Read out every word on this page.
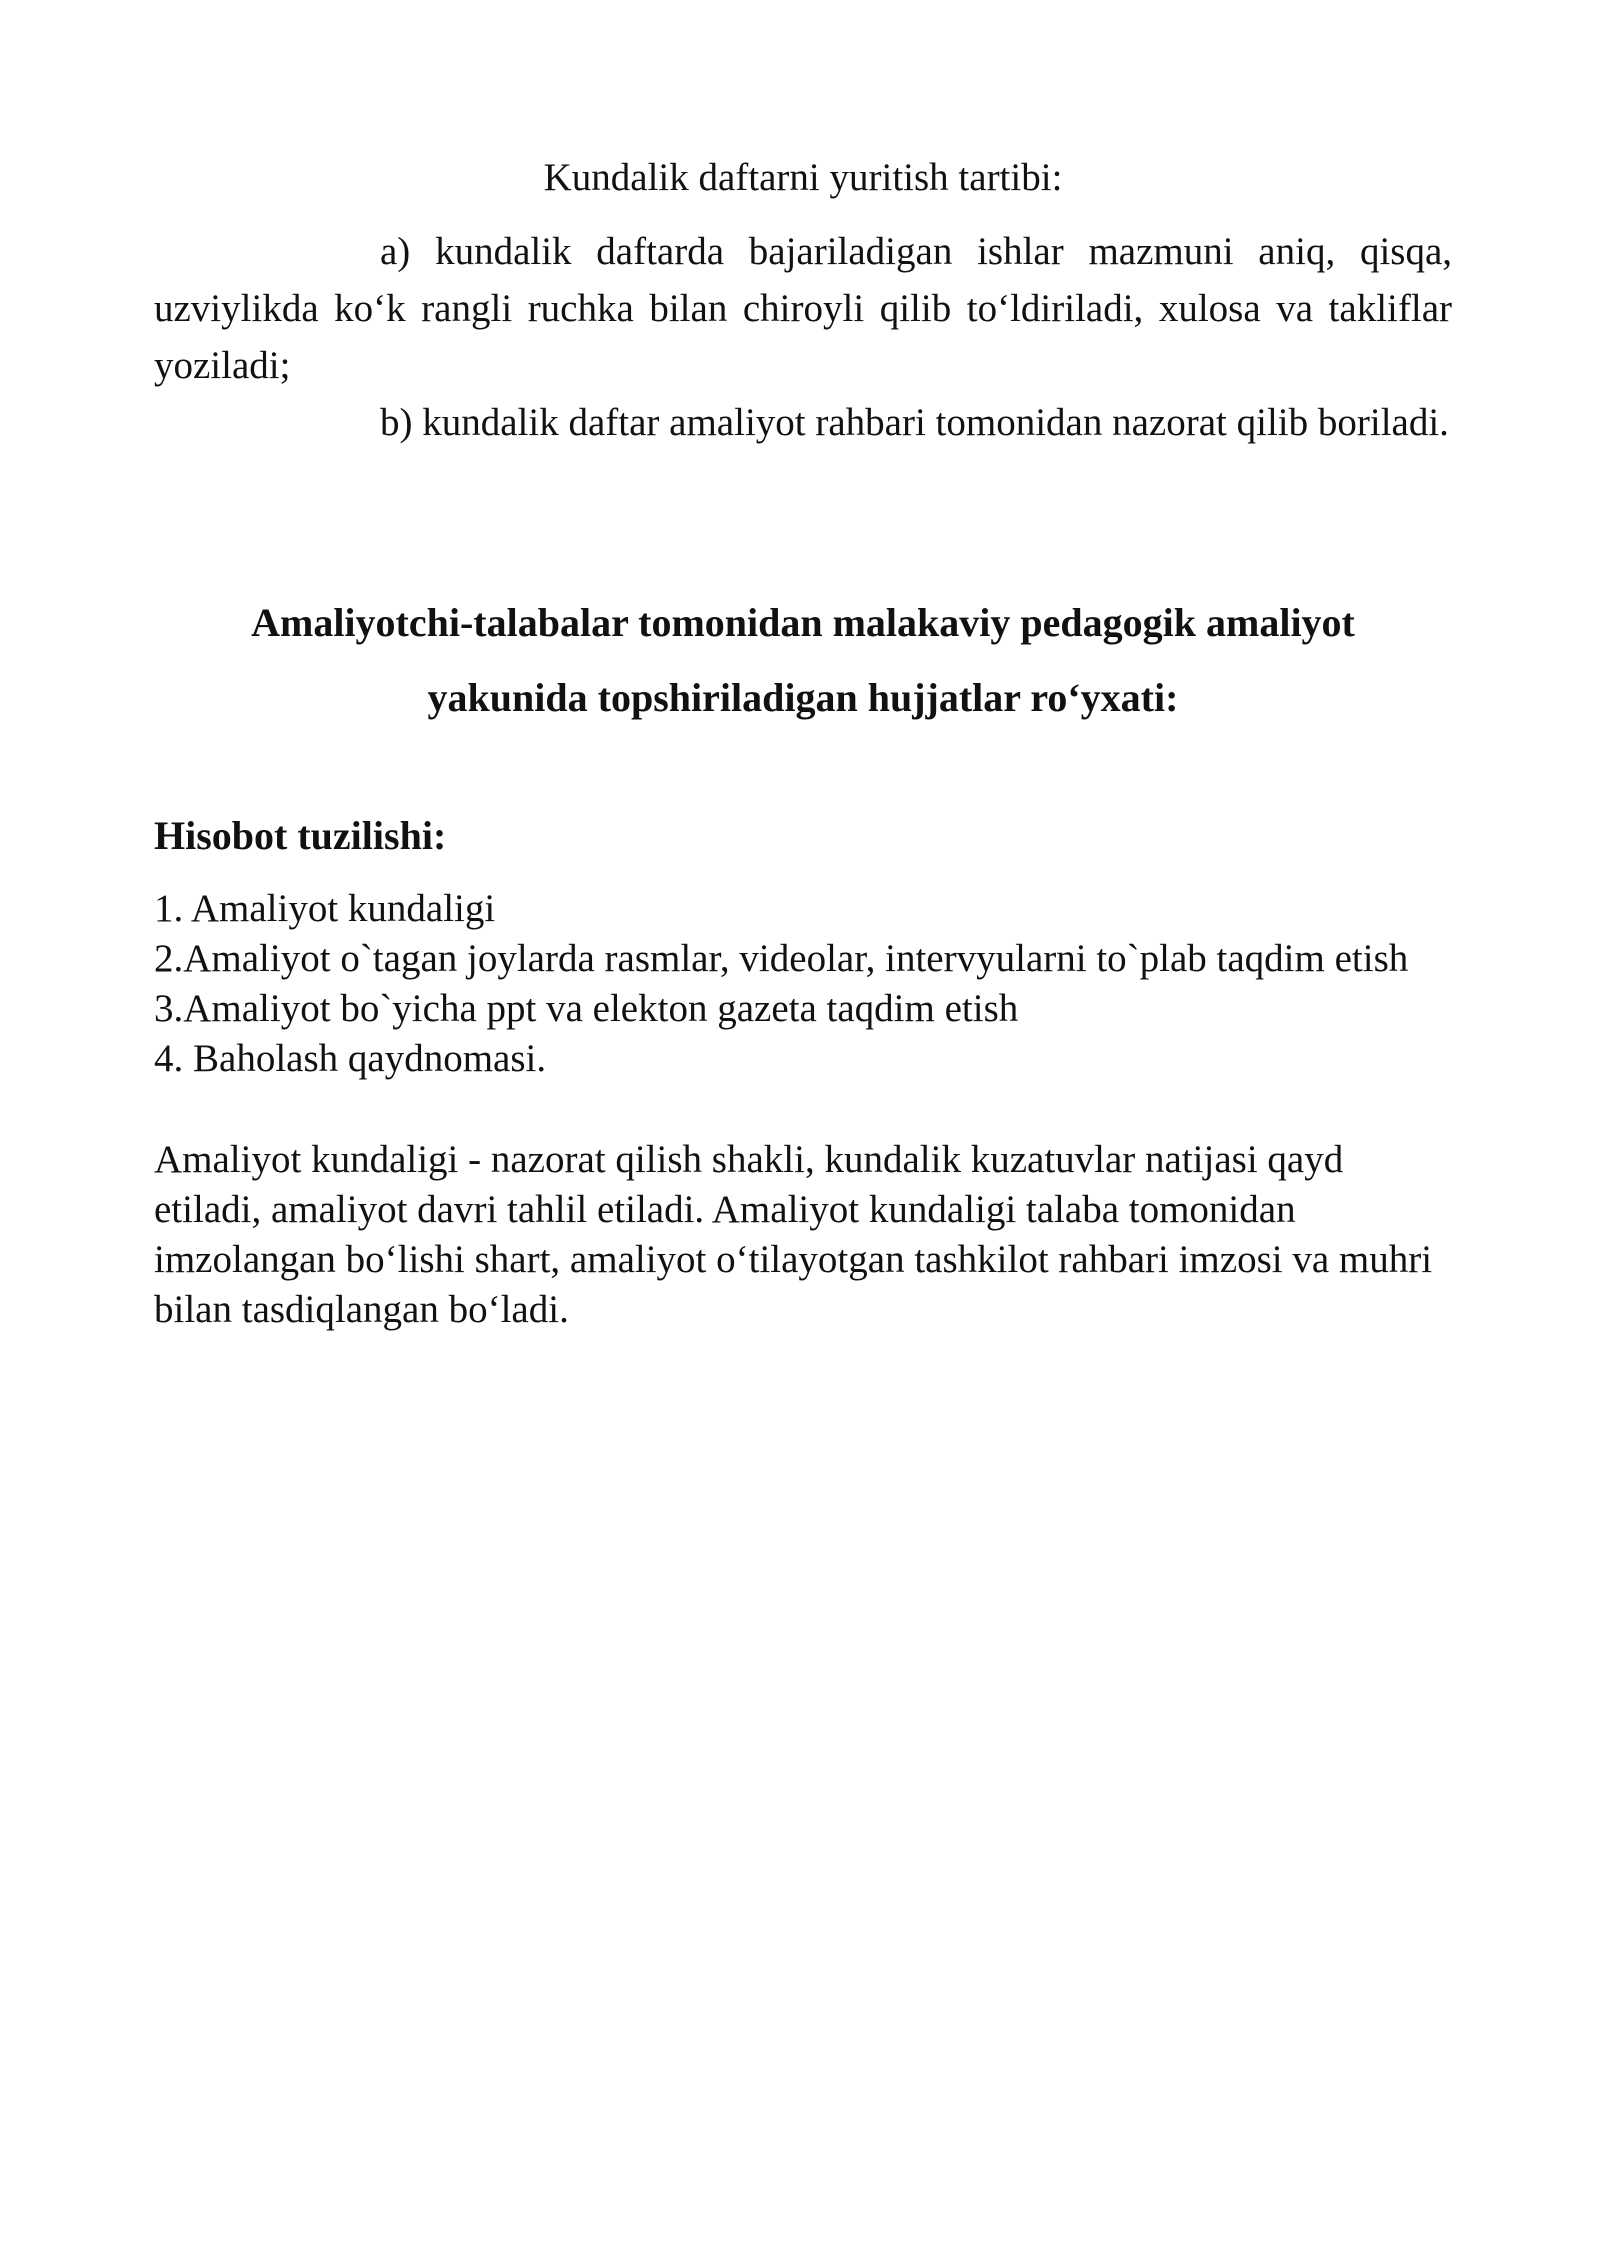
Kundalik daftarni yuritish tartibi:

a) kundalik daftarda bajariladigan ishlar mazmuni aniq, qisqa, uzviylikda ko‘k rangli ruchka bilan chiroyli qilib to‘ldiriladi, xulosa va takliflar yoziladi;

b) kundalik daftar amaliyot rahbari tomonidan nazorat qilib boriladi.

Amaliyotchi-talabalar tomonidan malakaviy pedagogik amaliyot
yakunida topshiriladigan hujjatlar ro‘yxati:
Hisobot tuzilishi:
1. Amaliyot kundaligi
2.Amaliyot o`tagan joylarda rasmlar, videolar, intervyularni to`plab taqdim etish
3.Amaliyot bo`yicha ppt va elekton gazeta taqdim etish
4. Baholash qaydnomasi.

Amaliyot kundaligi - nazorat qilish shakli, kundalik kuzatuvlar natijasi qayd etiladi, amaliyot davri tahlil etiladi. Amaliyot kundaligi talaba tomonidan imzolangan bo‘lishi shart, amaliyot o‘tilayotgan tashkilot rahbari imzosi va muhri bilan tasdiqlangan bo‘ladi.
